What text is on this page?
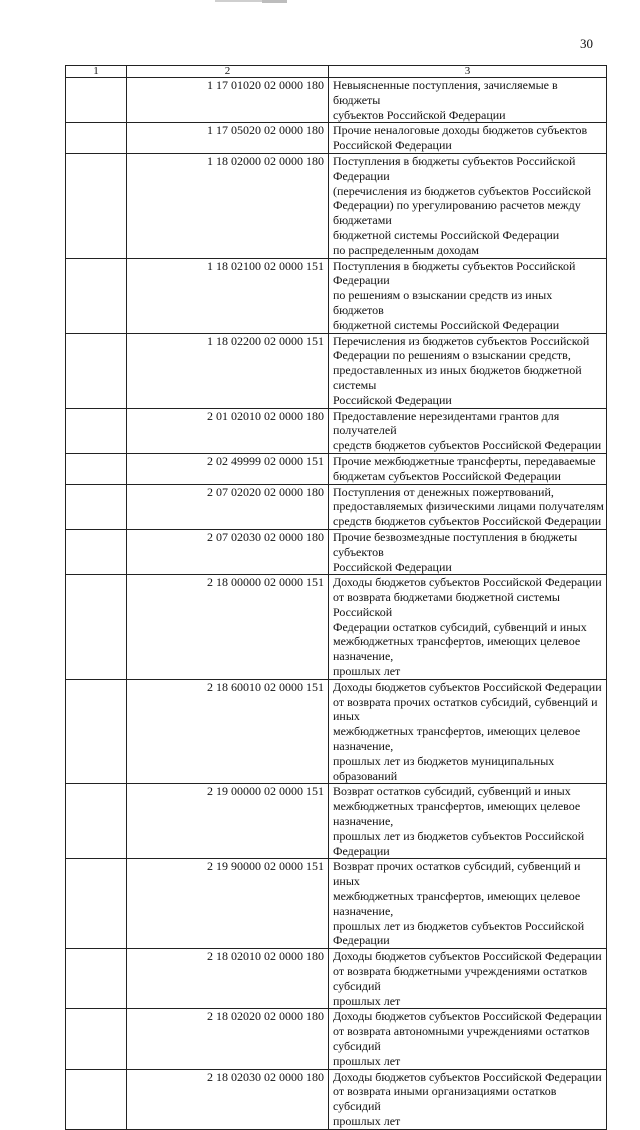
30
1	2	3
	1 17 01020 02 0000 180	Невыясненные поступления, зачисляемые в бюджеты
субъектов Российской Федерации

	1 17 05020 02 0000 180	Прочие неналоговые доходы бюджетов субъектов
Российской Федерации

	1 18 02000 02 0000 180	Поступления в бюджеты субъектов Российской Федерации
(перечисления из бюджетов субъектов Российской
Федерации) по урегулированию расчетов между бюджетами
бюджетной системы Российской Федерации
по распределенным доходам

	1 18 02100 02 0000 151	Поступления в бюджеты субъектов Российской Федерации
по решениям о взыскании средств из иных бюджетов
бюджетной системы Российской Федерации

	1 18 02200 02 0000 151	Перечисления из бюджетов субъектов Российской
Федерации по решениям о взыскании средств,
предоставленных из иных бюджетов бюджетной системы
Российской Федерации

	2 01 02010 02 0000 180	Предоставление нерезидентами грантов для получателей
средств бюджетов субъектов Российской Федерации

	2 02 49999 02 0000 151	Прочие межбюджетные трансферты, передаваемые
бюджетам субъектов Российской Федерации

	2 07 02020 02 0000 180	Поступления от денежных пожертвований,
предоставляемых физическими лицами получателям
средств бюджетов субъектов Российской Федерации

	2 07 02030 02 0000 180	Прочие безвозмездные поступления в бюджеты субъектов
Российской Федерации

	2 18 00000 02 0000 151	Доходы бюджетов субъектов Российской Федерации
от возврата бюджетами бюджетной системы Российской
Федерации остатков субсидий, субвенций и иных
межбюджетных трансфертов, имеющих целевое назначение,
прошлых лет

	2 18 60010 02 0000 151	Доходы бюджетов субъектов Российской Федерации
от возврата прочих остатков субсидий, субвенций и иных
межбюджетных трансфертов, имеющих целевое назначение,
прошлых лет из бюджетов муниципальных образований

	2 19 00000 02 0000 151	Возврат остатков субсидий, субвенций и иных
межбюджетных трансфертов, имеющих целевое назначение,
прошлых лет из бюджетов субъектов Российской Федерации

	2 19 90000 02 0000 151	Возврат прочих остатков субсидий, субвенций и иных
межбюджетных трансфертов, имеющих целевое назначение,
прошлых лет из бюджетов субъектов Российской Федерации

	2 18 02010 02 0000 180	Доходы бюджетов субъектов Российской Федерации
от возврата бюджетными учреждениями остатков субсидий
прошлых лет

	2 18 02020 02 0000 180	Доходы бюджетов субъектов Российской Федерации
от возврата автономными учреждениями остатков субсидий
прошлых лет

	2 18 02030 02 0000 180	Доходы бюджетов субъектов Российской Федерации
от возврата иными организациями остатков субсидий
прошлых лет
